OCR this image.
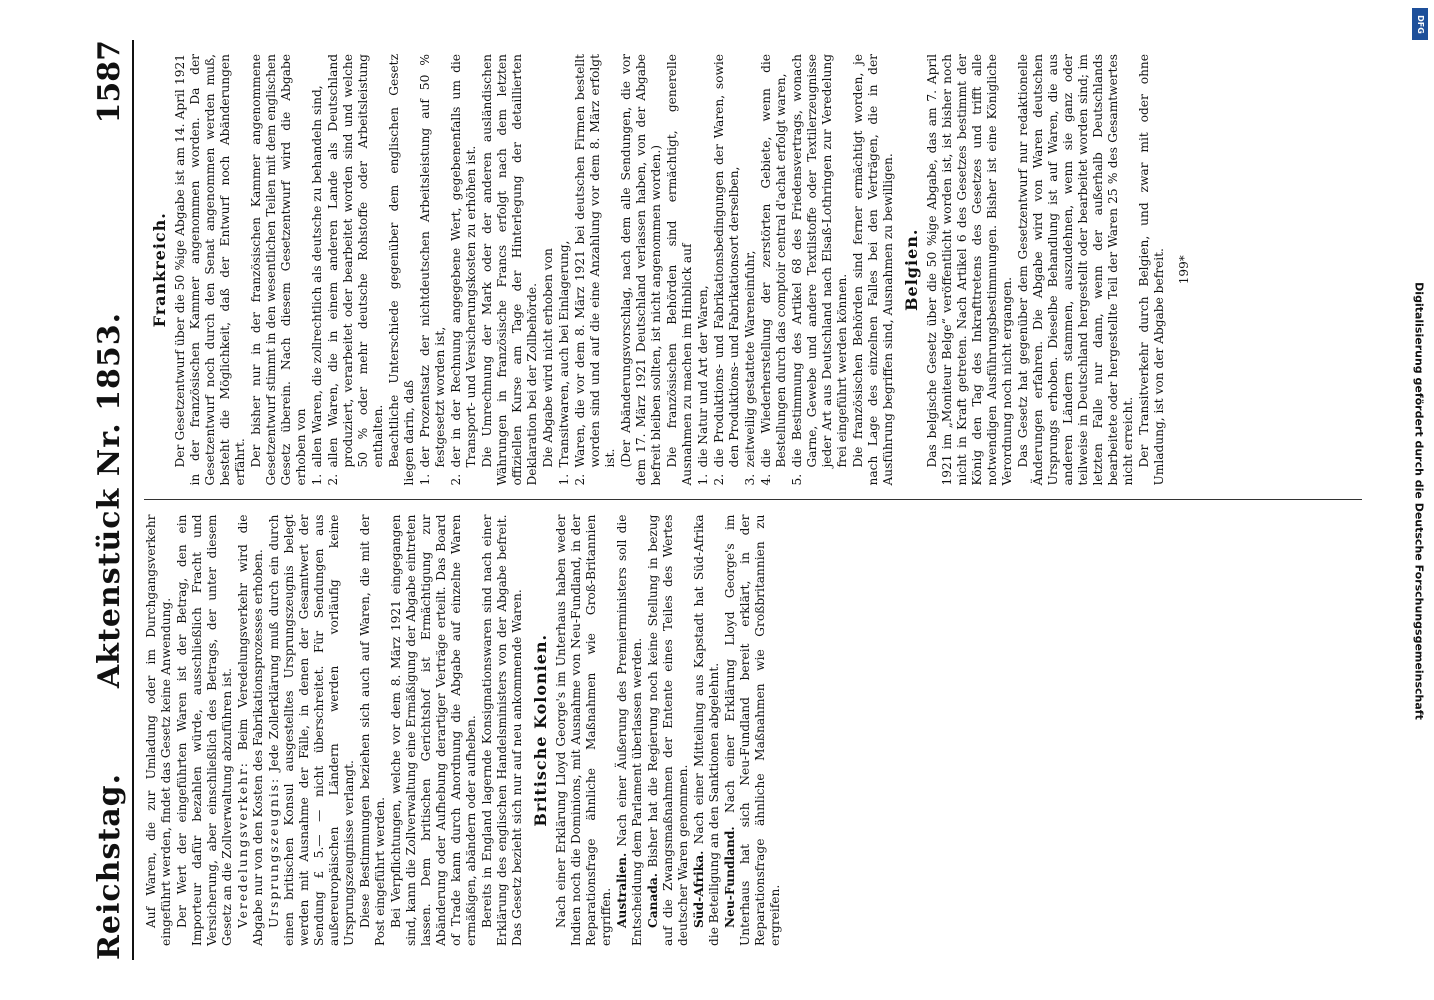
Reichstag.
Aktenstück Nr. 1853.
1587

Auf Waren, die zur Umladung oder im Durchgangsverkehr eingeführt werden, findet das Gesetz keine Anwendung. Der Wert der eingeführten Waren ist der Betrag, den ein Importeur dafür bezahlen würde, ausschließlich Fracht und Versicherung, aber einschließlich des Betrags, der unter diesem Gesetz an die Zollverwaltung abzuführen ist. Veredelungsverkehr: Beim Veredelungsverkehr wird die Abgabe nur von den Kosten des Fabrikationsprozesses erhoben. Ursprungszeugnis: Jede Zollerklärung muß durch ein durch einen britischen Konsul ausgestelltes Ursprungszeugnis belegt werden mit Ausnahme der Fälle, in denen der Gesamtwert der Sendung £ 5.— — nicht überschreitet. Für Sendungen aus außereuropäischen Ländern werden vorläufig keine Ursprungszeugnisse verlangt. Diese Bestimmungen beziehen sich auch auf Waren, die mit der Post eingeführt werden. Bei Verpflichtungen, welche vor dem 8. März 1921 eingegangen sind, kann die Zollverwaltung eine Ermäßigung der Abgabe eintreten lassen. Dem britischen Gerichtshof ist Ermächtigung zur Abänderung oder Aufhebung derartiger Verträge erteilt. Das Board of Trade kann durch Anordnung die Abgabe auf einzelne Waren ermäßigen, abändern oder aufheben. Bereits in England lagernde Konsignationswaren sind nach einer Erklärung des englischen Handelsministers von der Abgabe befreit. Das Gesetz bezieht sich nur auf neu ankommende Waren. Britische Kolonien. Nach einer Erklärung Lloyd George's im Unterhaus haben weder Indien noch die Dominions, mit Ausnahme von Neu-Fundland, in der Reparationsfrage ähnliche Maßnahmen wie Groß-Britannien ergriffen. Australien. Nach einer Äußerung des Premierministers soll die Entscheidung dem Parlament überlassen werden. Canada. Bisher hat die Regierung noch keine Stellung in bezug auf die Zwangsmaßnahmen der Entente eines Teiles des Wertes deutscher Waren genommen. Süd-Afrika. Nach einer Mitteilung aus Kapstadt hat Süd-Afrika die Beteiligung an den Sanktionen abgelehnt. Neu-Fundland. Nach einer Erklärung Lloyd George's im Unterhaus hat sich Neu-Fundland bereit erklärt, in der Reparationsfrage ähnliche Maßnahmen wie Großbritannien zu ergreifen.

Frankreich. Der Gesetzentwurf über die 50 %ige Abgabe ist am 14. April 1921 in der französischen Kammer angenommen worden. Da der Gesetzentwurf noch durch den Senat angenommen werden muß, besteht die Möglichkeit, daß der Entwurf noch Abänderungen erfährt. Der bisher nur in der französischen Kammer angenommene Gesetzentwurf stimmt in den wesentlichen Teilen mit dem englischen Gesetz überein. Nach diesem Gesetzentwurf wird die Abgabe erhoben von 1.
allen Waren, die zollrechtlich als deutsche zu behandeln sind,

2.
allen Waren, die in einem anderen Lande als Deutschland produziert, verarbeitet oder bearbeitet worden sind und welche 50 % oder mehr deutsche Rohstoffe oder Arbeitsleistung enthalten. Beachtliche Unterschiede gegenüber dem englischen Gesetz liegen darin, daß 1.
der Prozentsatz der nichtdeutschen Arbeitsleistung auf 50 % festgesetzt worden ist,

2.
der in der Rechnung angegebene Wert, gegebenenfalls um die Transport- und Versicherungskosten zu erhöhen ist. Die Umrechnung der Mark oder der anderen ausländischen Währungen in französische Francs erfolgt nach dem letzten offiziellen Kurse am Tage der Hinterlegung der detaillierten Deklaration bei der Zollbehörde. Die Abgabe wird nicht erhoben von

1.
Transitwaren, auch bei Einlagerung,

2.
Waren, die vor dem 8. März 1921 bei deutschen Firmen bestellt worden sind und auf die eine Anzahlung vor dem 8. März erfolgt ist. (Der Abänderungsvorschlag, nach dem alle Sendungen, die vor dem 17. März 1921 Deutschland verlassen haben, von der Abgabe befreit bleiben sollten, ist nicht angenommen worden.) Die französischen Behörden sind ermächtigt, generelle Ausnahmen zu machen im Hinblick auf 1.
die Natur und Art der Waren,

2.
die Produktions- und Fabrikationsbedingungen der Waren, sowie den Produktions- und Fabrikationsort derselben,

3.
zeitweilig gestattete Wareneinfuhr,

4.
die Wiederherstellung der zerstörten Gebiete, wenn die Bestellungen durch das comptoir central d'achat erfolgt waren,

5.
die Bestimmung des Artikel 68 des Friedensvertrags, wonach Garne, Gewebe und andere Textilstoffe oder Textilerzeugnisse jeder Art aus Deutschland nach Elsaß-Lothringen zur Veredelung frei eingeführt werden können. Die französischen Behörden sind ferner ermächtigt worden, je nach Lage des einzelnen Falles bei den Verträgen, die in der Ausführung begriffen sind, Ausnahmen zu bewilligen. Belgien. Das belgische Gesetz über die 50 %ige Abgabe, das am 7. April 1921 im „Moniteur Belge“ veröffentlicht worden ist, ist bisher noch nicht in Kraft getreten. Nach Artikel 6 des Gesetzes bestimmt der König den Tag des Inkrafttretens des Gesetzes und trifft alle notwendigen Ausführungsbestimmungen. Bisher ist eine Königliche Verordnung noch nicht ergangen. Das Gesetz hat gegenüber dem Gesetzentwurf nur redaktionelle Änderungen erfahren. Die Abgabe wird von Waren deutschen Ursprungs erhoben. Dieselbe Behandlung ist auf Waren, die aus anderen Ländern stammen, auszudehnen, wenn sie ganz oder teilweise in Deutschland hergestellt oder bearbeitet worden sind; im letzten Falle nur dann, wenn der außerhalb Deutschlands bearbeitete oder hergestellte Teil der Waren 25 % des Gesamtwertes nicht erreicht. Der Transitverkehr durch Belgien, und zwar mit oder ohne Umladung, ist von der Abgabe befreit. 199*
Digitalisierung gefördert durch die Deutsche Forschungsgemeinschaft
DFG
